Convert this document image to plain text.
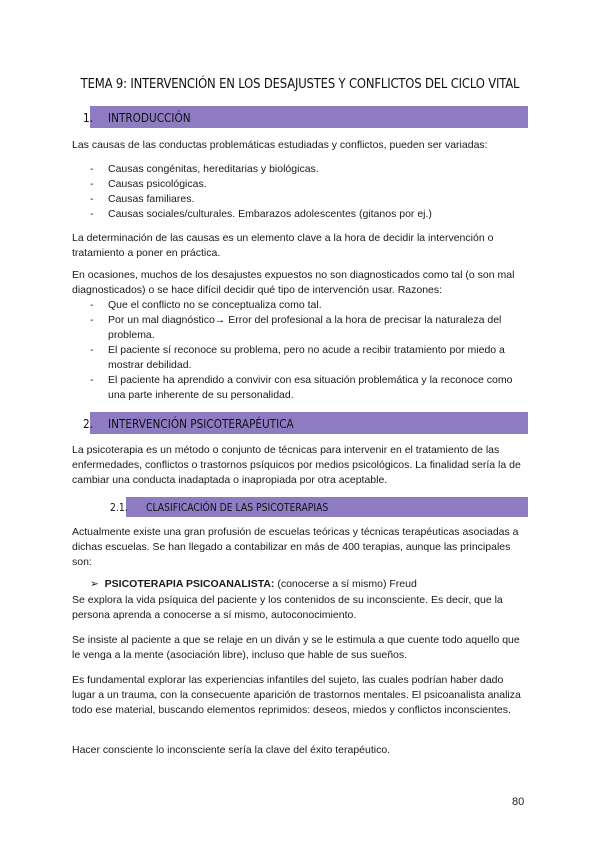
TEMA 9: INTERVENCIÓN EN LOS DESAJUSTES Y CONFLICTOS DEL CICLO VITAL
1. INTRODUCCIÓN
Las causas de las conductas problemáticas estudiadas y conflictos, pueden ser variadas:
- Causas congénitas, hereditarias y biológicas.
- Causas psicológicas.
- Causas familiares.
- Causas sociales/culturales. Embarazos adolescentes (gitanos por ej.)
La determinación de las causas es un elemento clave a la hora de decidir la intervención o tratamiento a poner en práctica.
En ocasiones, muchos de los desajustes expuestos no son diagnosticados como tal (o son mal diagnosticados) o se hace difícil decidir qué tipo de intervención usar. Razones:
- Que el conflicto no se conceptualiza como tal.
- Por un mal diagnóstico→ Error del profesional a la hora de precisar la naturaleza del problema.
- El paciente sí reconoce su problema, pero no acude a recibir tratamiento por miedo a mostrar debilidad.
- El paciente ha aprendido a convivir con esa situación problemática y la reconoce como una parte inherente de su personalidad.
2. INTERVENCIÓN PSICOTERAPÉUTICA
La psicoterapia es un método o conjunto de técnicas para intervenir en el tratamiento de las enfermedades, conflictos o trastornos psíquicos por medios psicológicos. La finalidad sería la de cambiar una conducta inadaptada o inapropiada por otra aceptable.
2.1. CLASIFICACIÓN DE LAS PSICOTERAPIAS
Actualmente existe una gran profusión de escuelas teóricas y técnicas terapéuticas asociadas a dichas escuelas. Se han llegado a contabilizar en más de 400 terapias, aunque las principales son:
➢ PSICOTERAPIA PSICOANALISTA: (conocerse a sí mismo) Freud
Se explora la vida psíquica del paciente y los contenidos de su inconsciente. Es decir, que la persona aprenda a conocerse a sí mismo, autoconocimiento.
Se insiste al paciente a que se relaje en un diván y se le estimula a que cuente todo aquello que le venga a la mente (asociación libre), incluso que hable de sus sueños.
Es fundamental explorar las experiencias infantiles del sujeto, las cuales podrían haber dado lugar a un trauma, con la consecuente aparición de trastornos mentales. El psicoanalista analiza todo ese material, buscando elementos reprimidos: deseos, miedos y conflictos inconscientes.
Hacer consciente lo inconsciente sería la clave del éxito terapéutico.
80
